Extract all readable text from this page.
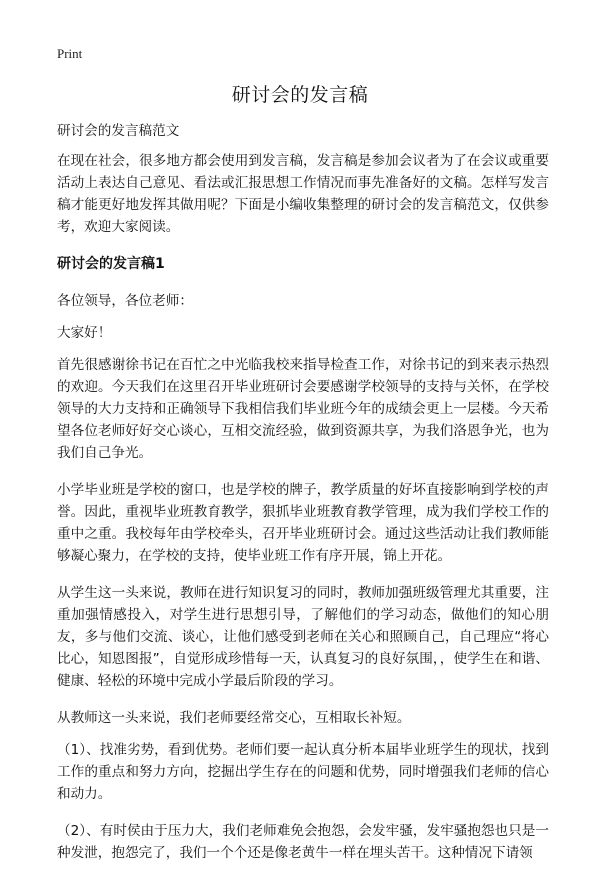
Print
研讨会的发言稿

研讨会的发言稿范文

在现在社会，很多地方都会使用到发言稿，发言稿是参加会议者为了在会议或重要活动上表达自己意见、看法或汇报思想工作情况而事先准备好的文稿。怎样写发言稿才能更好地发挥其做用呢？下面是小编收集整理的研讨会的发言稿范文，仅供参考，欢迎大家阅读。

研讨会的发言稿1

各位领导，各位老师：

大家好！

首先很感谢徐书记在百忙之中光临我校来指导检查工作，对徐书记的到来表示热烈的欢迎。今天我们在这里召开毕业班研讨会要感谢学校领导的支持与关怀，在学校领导的大力支持和正确领导下我相信我们毕业班今年的成绩会更上一层楼。今天希望各位老师好好交心谈心，互相交流经验，做到资源共享，为我们洛恩争光，也为我们自己争光。

小学毕业班是学校的窗口，也是学校的牌子，教学质量的好坏直接影响到学校的声誉。因此，重视毕业班教育教学，狠抓毕业班教育教学管理，成为我们学校工作的重中之重。我校每年由学校牵头，召开毕业班研讨会。通过这些活动让我们教师能够凝心聚力，在学校的支持，使毕业班工作有序开展，锦上开花。

从学生这一头来说，教师在进行知识复习的同时，教师加强班级管理尤其重要，注重加强情感投入，对学生进行思想引导，了解他们的学习动态，做他们的知心朋友，多与他们交流、谈心，让他们感受到老师在关心和照顾自己，自己理应“将心比心，知恩图报”，自觉形成珍惜每一天，认真复习的良好氛围，，使学生在和谐、健康、轻松的环境中完成小学最后阶段的学习。

从教师这一头来说，我们老师要经常交心，互相取长补短。

（1）、找准劣势，看到优势。老师们要一起认真分析本届毕业班学生的现状，找到工作的重点和努力方向，挖掘出学生存在的问题和优势，同时增强我们老师的信心和动力。

（2）、有时侯由于压力大，我们老师难免会抱怨，会发牢骚，发牢骚抱怨也只是一种发泄，抱怨完了，我们一个个还是像老黄牛一样在埋头苦干。这种情况下请领
